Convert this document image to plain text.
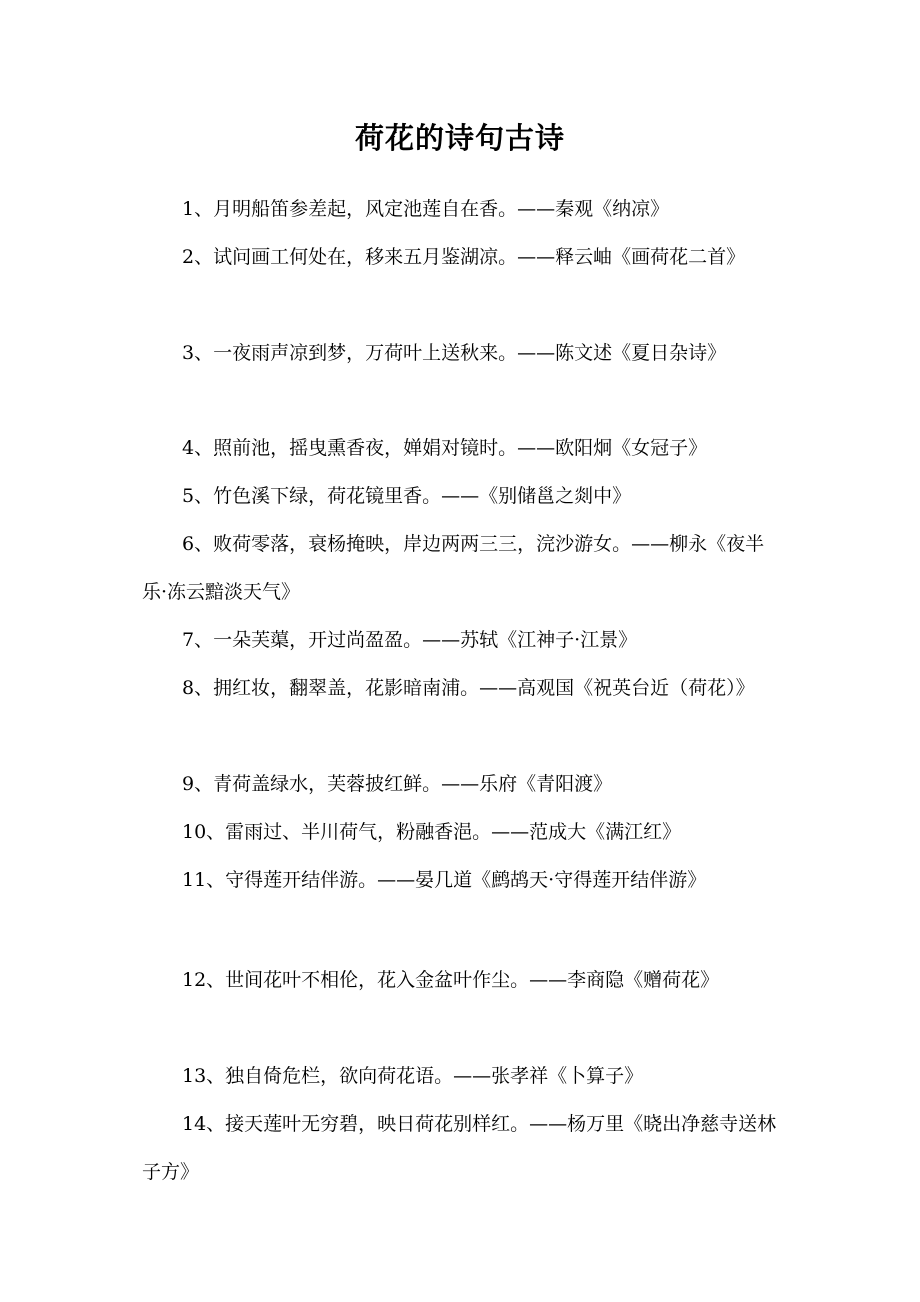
荷花的诗句古诗

1、月明船笛参差起，风定池莲自在香。——秦观《纳凉》

2、试问画工何处在，移来五月鉴湖凉。——释云岫《画荷花二首》

3、一夜雨声凉到梦，万荷叶上送秋来。——陈文述《夏日杂诗》

4、照前池，摇曳熏香夜，婵娟对镜时。——欧阳炯《女冠子》

5、竹色溪下绿，荷花镜里香。——《别储邕之剡中》

6、败荷零落，衰杨掩映，岸边两两三三，浣沙游女。——柳永《夜半乐·冻云黯淡天气》

7、一朵芙蕖，开过尚盈盈。——苏轼《江神子·江景》

8、拥红妆，翻翠盖，花影暗南浦。——高观国《祝英台近（荷花）》

9、青荷盖绿水，芙蓉披红鲜。——乐府《青阳渡》

10、雷雨过、半川荷气，粉融香浥。——范成大《满江红》

11、守得莲开结伴游。——晏几道《鹧鸪天·守得莲开结伴游》

12、世间花叶不相伦，花入金盆叶作尘。——李商隐《赠荷花》

13、独自倚危栏，欲向荷花语。——张孝祥《卜算子》

14、接天莲叶无穷碧，映日荷花别样红。——杨万里《晓出净慈寺送林子方》
